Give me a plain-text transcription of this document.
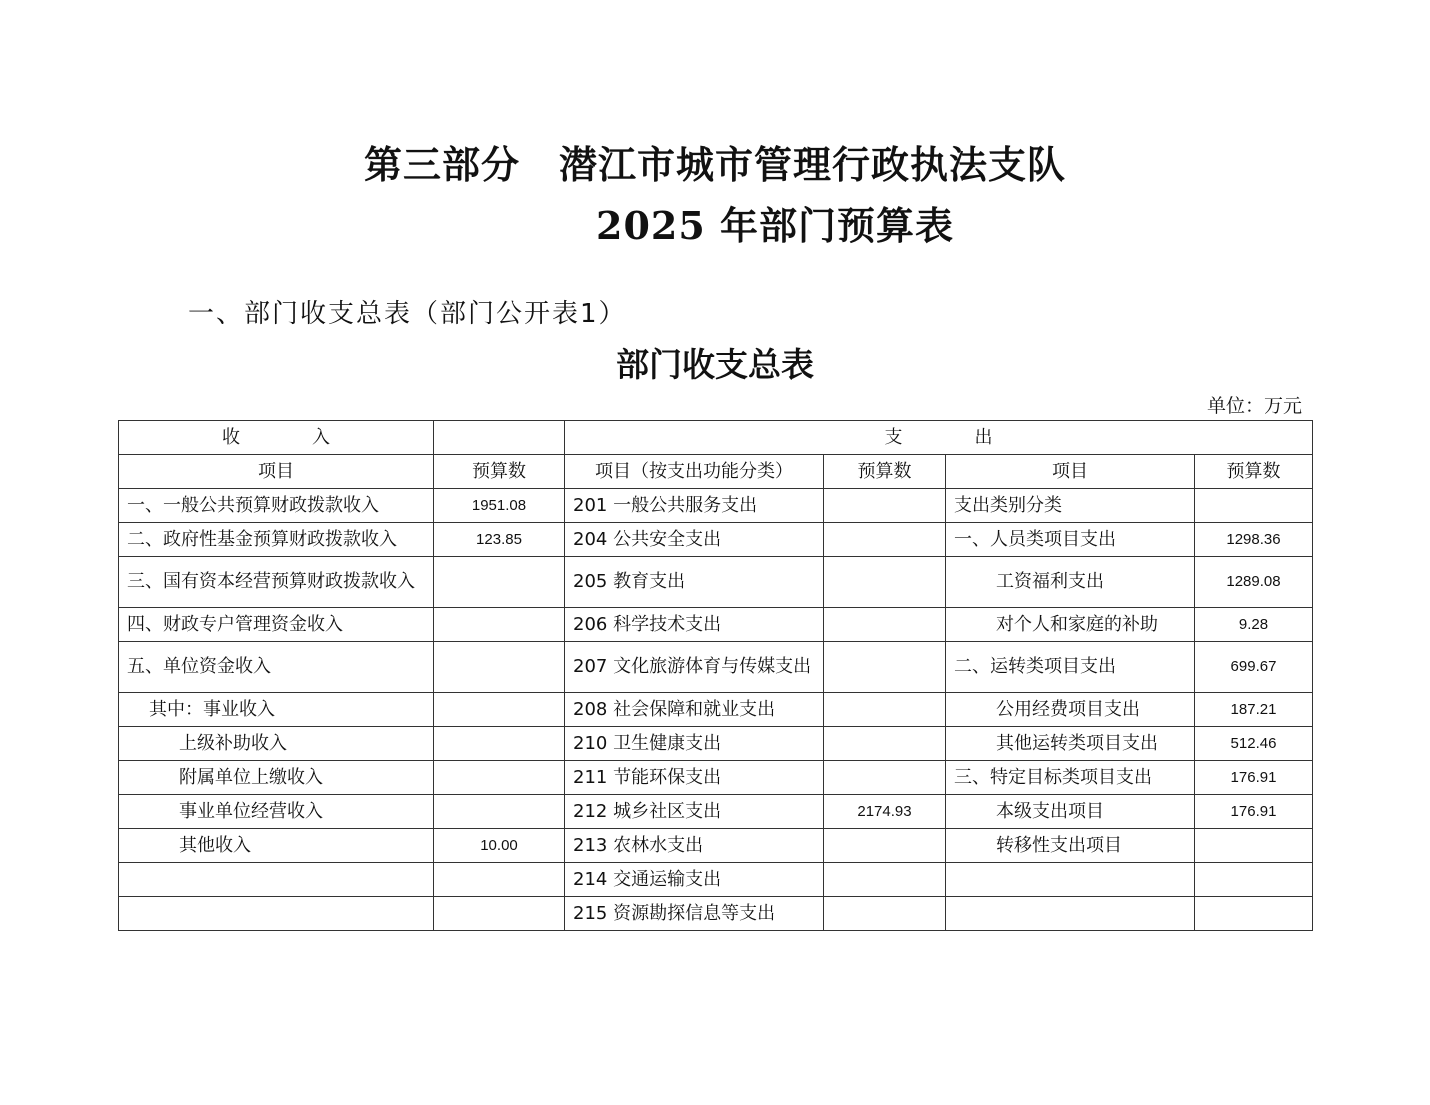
第三部分　潜江市城市管理行政执法支队
2025 年部门预算表
一、部门收支总表（部门公开表1）
部门收支总表
单位：万元
收　　　　入		支　　　　出			
项目	预算数	项目（按支出功能分类）	预算数	项目	预算数
一、一般公共预算财政拨款收入	1951.08	201 一般公共服务支出		支出类别分类	
二、政府性基金预算财政拨款收入	123.85	204 公共安全支出		一、人员类项目支出	1298.36
三、国有资本经营预算财政拨款收入		205 教育支出		工资福利支出	1289.08
四、财政专户管理资金收入		206 科学技术支出		对个人和家庭的补助	9.28
五、单位资金收入		207 文化旅游体育与传媒支出		二、运转类项目支出	699.67
其中：事业收入		208 社会保障和就业支出		公用经费项目支出	187.21
上级补助收入		210 卫生健康支出		其他运转类项目支出	512.46
附属单位上缴收入		211 节能环保支出		三、特定目标类项目支出	176.91
事业单位经营收入		212 城乡社区支出	2174.93	本级支出项目	176.91
其他收入	10.00	213 农林水支出		转移性支出项目	
		214 交通运输支出			
		215 资源勘探信息等支出			
